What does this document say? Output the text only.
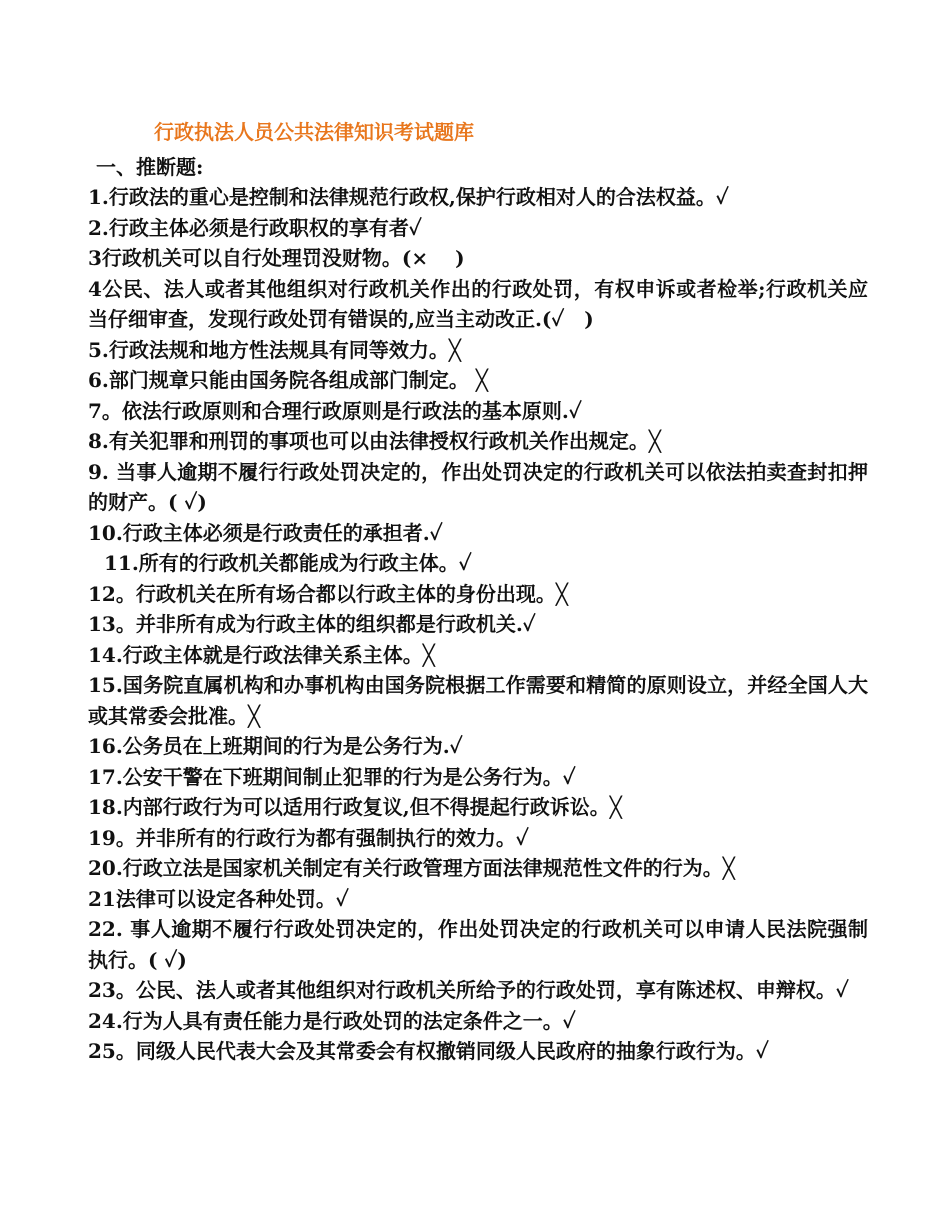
行政执法人员公共法律知识考试题库
一、推断题:

1.行政法的重心是控制和法律规范行政权,保护行政相对人的合法权益。✓

2.行政主体必须是行政职权的享有者✓

3行政机关可以自行处理罚没财物。(×　 )

4公民、法人或者其他组织对行政机关作出的行政处罚，有权申诉或者检举;行政机关应当仔细审查，发现行政处罚有错误的,应当主动改正.(✓　)

5.行政法规和地方性法规具有同等效力。╳

6.部门规章只能由国务院各组成部门制定。 ╳

7。依法行政原则和合理行政原则是行政法的基本原则.✓

8.有关犯罪和刑罚的事项也可以由法律授权行政机关作出规定。╳

9. 当事人逾期不履行行政处罚决定的，作出处罚决定的行政机关可以依法拍卖查封扣押的财产。( ✓)

10.行政主体必须是行政责任的承担者.✓

11.所有的行政机关都能成为行政主体。✓

12。行政机关在所有场合都以行政主体的身份出现。╳

13。并非所有成为行政主体的组织都是行政机关.✓

14.行政主体就是行政法律关系主体。╳

15.国务院直属机构和办事机构由国务院根据工作需要和精简的原则设立，并经全国人大或其常委会批准。╳

16.公务员在上班期间的行为是公务行为.✓

17.公安干警在下班期间制止犯罪的行为是公务行为。✓

18.内部行政行为可以适用行政复议,但不得提起行政诉讼。╳

19。并非所有的行政行为都有强制执行的效力。✓

20.行政立法是国家机关制定有关行政管理方面法律规范性文件的行为。╳

21法律可以设定各种处罚。✓

22. 事人逾期不履行行政处罚决定的，作出处罚决定的行政机关可以申请人民法院强制执行。( ✓)

23。公民、法人或者其他组织对行政机关所给予的行政处罚，享有陈述权、申辩权。✓

24.行为人具有责任能力是行政处罚的法定条件之一。✓

25。同级人民代表大会及其常委会有权撤销同级人民政府的抽象行政行为。✓
